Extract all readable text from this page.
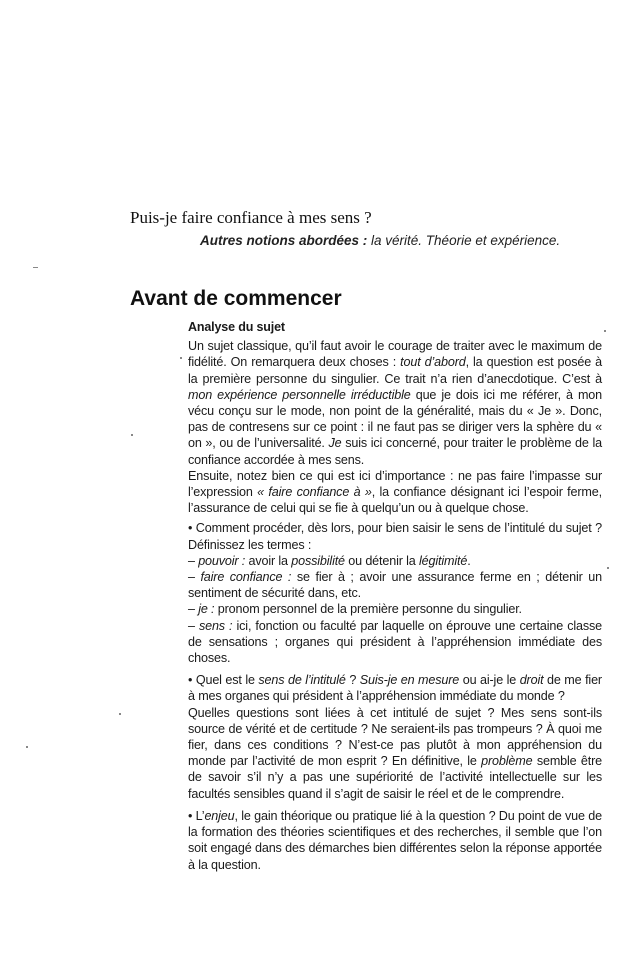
Puis-je faire confiance à mes sens ?
Autres notions abordées : la vérité. Théorie et expérience.
Avant de commencer
Analyse du sujet

Un sujet classique, qu’il faut avoir le courage de traiter avec le maximum de fidélité. On remarquera deux choses : tout d’abord, la question est posée à la première personne du singulier. Ce trait n’a rien d’anecdotique. C’est à mon expérience personnelle irréductible que je dois ici me référer, à mon vécu conçu sur le mode, non point de la généralité, mais du « Je ». Donc, pas de contresens sur ce point : il ne faut pas se diriger vers la sphère du « on », ou de l’universalité. Je suis ici concerné, pour traiter le problème de la confiance accordée à mes sens.

Ensuite, notez bien ce qui est ici d’importance : ne pas faire l’impasse sur l’expression « faire confiance à », la confiance désignant ici l’espoir ferme, l’assurance de celui qui se fie à quelqu’un ou à quelque chose.

• Comment procéder, dès lors, pour bien saisir le sens de l’intitulé du sujet ? Définissez les termes :

– pouvoir : avoir la possibilité ou détenir la légitimité.

– faire confiance : se fier à ; avoir une assurance ferme en ; détenir un sentiment de sécurité dans, etc.

– je : pronom personnel de la première personne du singulier.

– sens : ici, fonction ou faculté par laquelle on éprouve une certaine classe de sensations ; organes qui président à l’appréhension immédiate des choses.

• Quel est le sens de l’intitulé ? Suis-je en mesure ou ai-je le droit de me fier à mes organes qui président à l’appréhension immédiate du monde ?

Quelles questions sont liées à cet intitulé de sujet ? Mes sens sont-ils source de vérité et de certitude ? Ne seraient-ils pas trompeurs ? À quoi me fier, dans ces conditions ? N’est-ce pas plutôt à mon appréhension du monde par l’activité de mon esprit ? En définitive, le problème semble être de savoir s’il n’y a pas une supériorité de l’activité intellectuelle sur les facultés sensibles quand il s’agit de saisir le réel et de le comprendre.

• L’enjeu, le gain théorique ou pratique lié à la question ? Du point de vue de la formation des théories scientifiques et des recherches, il semble que l’on soit engagé dans des démarches bien différentes selon la réponse apportée à la question.
